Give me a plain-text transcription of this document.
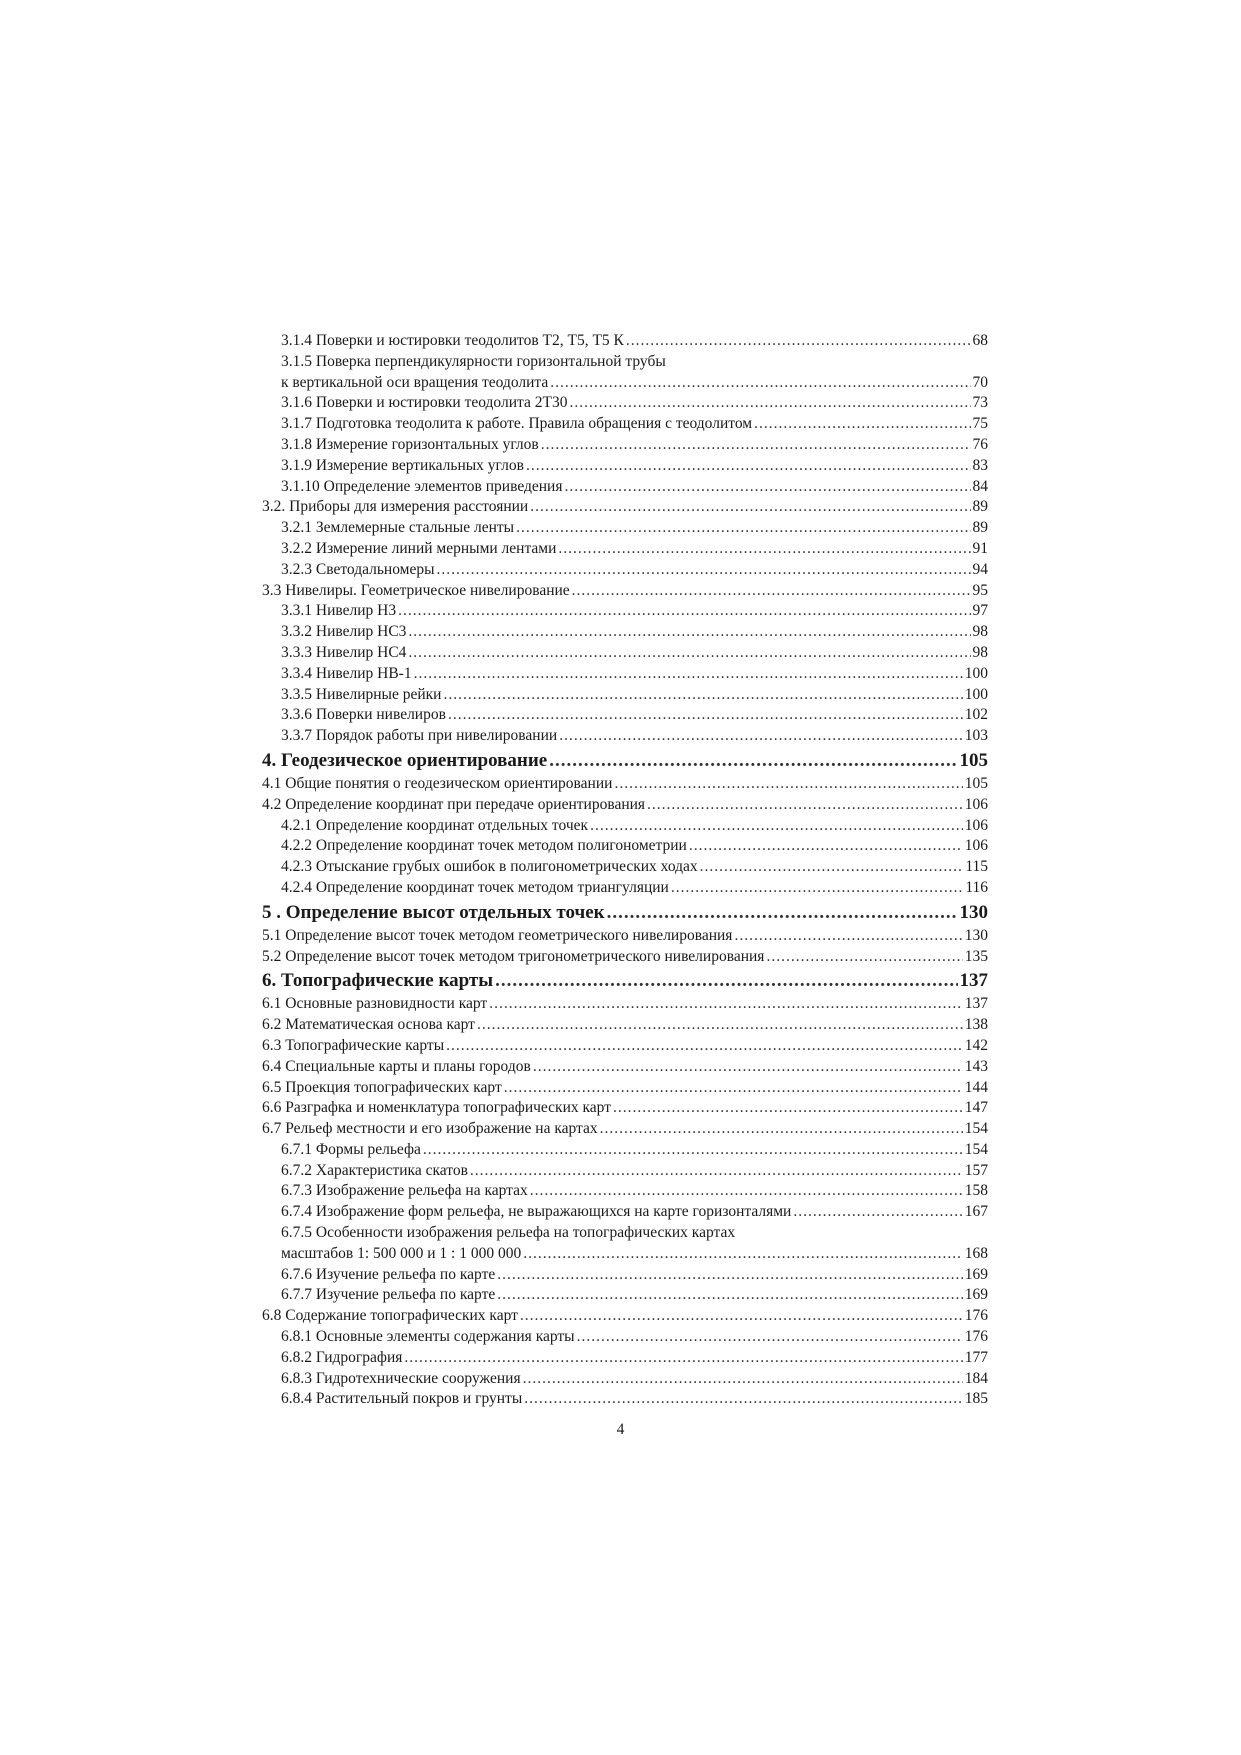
3.1.4 Поверки и юстировки теодолитов Т2, Т5, Т5 К .....	68
3.1.5 Поверка перпендикулярности горизонтальной трубы
к вертикальной оси вращения теодолита .....	70
3.1.6 Поверки и юстировки теодолита 2Т30 .....	73
3.1.7 Подготовка теодолита к работе. Правила обращения с теодолитом .....	75
3.1.8 Измерение горизонтальных углов .....	76
3.1.9 Измерение вертикальных углов .....	83
3.1.10 Определение элементов приведения .....	84
3.2. Приборы для измерения расстоянии .....	89
3.2.1 Землемерные стальные ленты .....	89
3.2.2 Измерение линий мерными лентами .....	91
3.2.3 Светодальномеры .....	94
3.3 Нивелиры. Геометрическое нивелирование .....	95
3.3.1 Нивелир Н3 .....	97
3.3.2 Нивелир НС3 .....	98
3.3.3 Нивелир НС4 .....	98
3.3.4 Нивелир НВ-1 .....	100
3.3.5 Нивелирные рейки .....	100
3.3.6 Поверки нивелиров .....	102
3.3.7 Порядок работы при нивелировании .....	103
4. Геодезическое ориентирование .....	105
4.1 Общие понятия о геодезическом ориентировании .....	105
4.2 Определение координат при передаче ориентирования .....	106
4.2.1 Определение координат отдельных точек .....	106
4.2.2 Определение координат точек методом полигонометрии .....	106
4.2.3 Отыскание грубых ошибок в полигонометрических ходах .....	115
4.2.4 Определение координат точек методом триангуляции .....	116
5 . Определение высот отдельных точек .....	130
5.1 Определение высот точек методом геометрического нивелирования .....	130
5.2 Определение высот точек методом тригонометрического нивелирования .....	135
6. Топографические карты .....	137
6.1 Основные разновидности карт .....	137
6.2 Математическая основа карт .....	138
6.3 Топографические карты .....	142
6.4 Специальные карты и планы городов .....	143
6.5 Проекция топографических карт .....	144
6.6 Разграфка и номенклатура топографических карт .....	147
6.7 Рельеф местности и его изображение на картах .....	154
6.7.1 Формы рельефа .....	154
6.7.2 Характеристика скатов .....	157
6.7.3 Изображение рельефа на картах .....	158
6.7.4 Изображение форм рельефа, не выражающихся на карте горизонталями .....	167
6.7.5 Особенности изображения рельефа на топографических картах
масштабов 1: 500 000 и 1 : 1 000 000 .....	168
6.7.6 Изучение рельефа по карте .....	169
6.7.7 Изучение рельефа по карте .....	169
6.8 Содержание топографических карт .....	176
6.8.1 Основные элементы содержания карты .....	176
6.8.2 Гидрография .....	177
6.8.3 Гидротехнические сооружения .....	184
6.8.4 Растительный покров и грунты .....	185
4
